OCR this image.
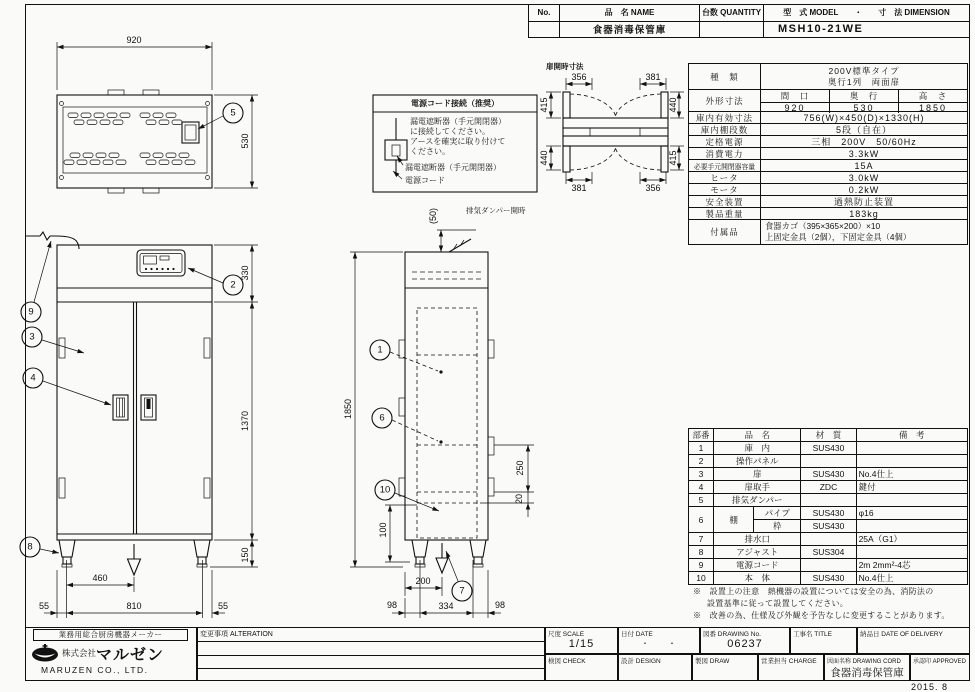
920
530
330
1370
150
460
55	810	55
(50)	排気ダンパー開時
1850
250
20
100
200
98	334	98
扉開時寸法
356	381
415	440
440	415
381	356
電源コード接続（推奨）
漏電遮断器（手元開閉器）
に接続してください。
アースを確実に取り付けて
ください。
漏電遮断器（手元開閉器）
電源コード
5
2
9
3
4
8
1
6
10
7
No.	品　名 NAME	台数 QUANTITY	型　式 MODEL　　・　　寸　法 DIMENSION
食器消毒保管庫	MSH10-21WE
種　類
200V標準タイプ
奥行1列　両面扉
外形寸法	間　口	奥　行	高　さ
920	530	1850
庫内有効寸法	756(W)×450(D)×1330(H)
庫内棚段数	5段（自在）
定格電源	三相　200V　50/60Hz
消費電力	3.3kW
必要手元開閉器容量	15A
ヒータ	3.0kW
モータ	0.2kW
安全装置	過熱防止装置
製品重量	183kg
付属品
食器カゴ（395×365×200）×10
上固定金具（2個），下固定金具（4個）
部番	品　名		材　質	備　考
1	庫　内		SUS430	
2	操作パネル			
3	扉		SUS430	No.4仕上
4	扉取手		ZDC	鍵付
5	排気ダンパー			
6	棚	パイプ	SUS430	φ16
		枠	SUS430	
7	排水口			25A（G1）
8	アジャスト		SUS304	
9	電源コード			2m 2mm²-4芯
10	本　体		SUS430	No.4仕上
※　設置上の注意　熱機器の設置については安全の為、消防法の
設置基準に従って設置してください。
※　改善の為、仕様及び外観を予告なしに変更することがあります。
業務用総合厨房機器メーカー
株式会社 マルゼン
MARUZEN CO., LTD.
変更事項 ALTERATION	尺度 SCALE
1/15
日付 DATE
・　　・
図番 DRAWING No.
06237
工事名 TITLE	納品日 DATE OF DELIVERY
検図 CHECK	設計 DESIGN	製図 DRAW	営業担当 CHARGE	図面名称 DRAWING CORD
食器消毒保管庫
承認印 APPROVED
2015. 8
